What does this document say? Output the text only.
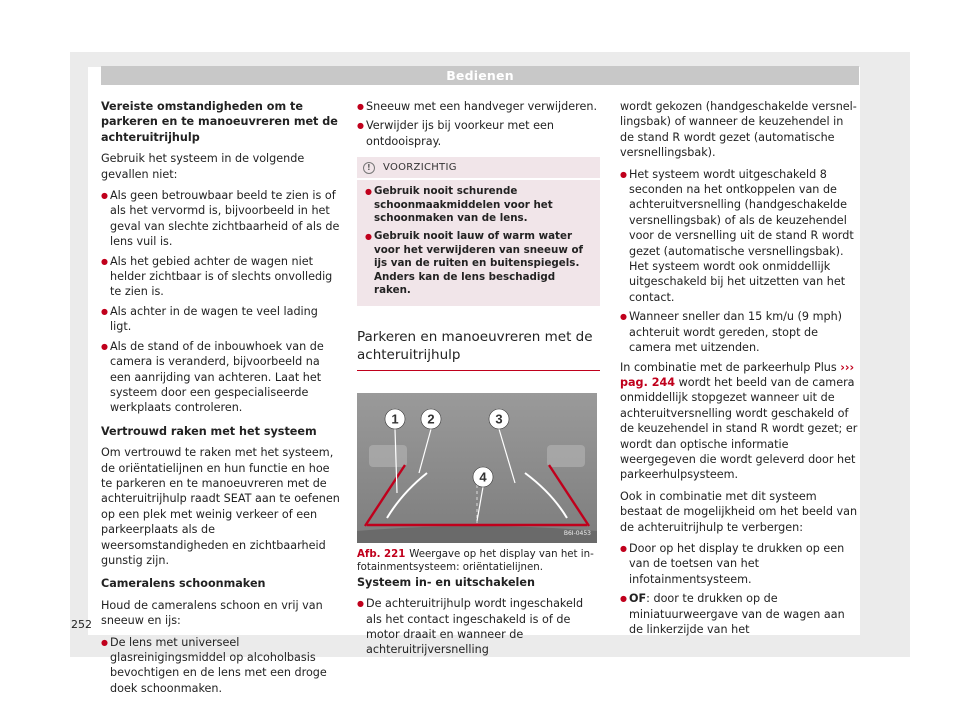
Bedienen

Vereiste omstandigheden om te parkeren en te manoeuvreren met de achteruitrijhulp

Gebruik het systeem in de volgende gevallen niet:

● Als geen betrouwbaar beeld te zien is of als het vervormd is, bijvoorbeeld in het geval van slechte zichtbaarheid of als de lens vuil is.
● Als het gebied achter de wagen niet helder zichtbaar is of slechts onvolledig te zien is.
● Als achter in de wagen te veel lading ligt.
● Als de stand of de inbouwhoek van de camera is veranderd, bijvoorbeeld na een aanrijding van achteren. Laat het systeem door een gespecialiseerde werkplaats controleren.

Vertrouwd raken met het systeem

Om vertrouwd te raken met het systeem, de oriëntatielijnen en hun functie en hoe te parkeren en te manoeuvreren met de achteruitrijhulp raadt SEAT aan te oefenen op een plek met weinig verkeer of een parkeerplaats als de weersomstandigheden en zichtbaarheid gunstig zijn.

Cameralens schoonmaken

Houd de cameralens schoon en vrij van sneeuw en ijs:

● De lens met universeel glasreinigingsmiddel op alcoholbasis bevochtigen en de lens met een droge doek schoonmaken.
● Sneeuw met een handveger verwijderen.
● Verwijder ijs bij voorkeur met een ontdooispray.
!	VOORZICHTIG
● Gebruik nooit schurende schoonmaakmiddelen voor het schoonmaken van de lens.
● Gebruik nooit lauw of warm water voor het verwijderen van sneeuw of ijs van de ruiten en buitenspiegels. Anders kan de lens beschadigd raken.
Parkeren en manoeuvreren met de achteruitrijhulp
1 2	3
4
B6I-0453
Afb. 221 Weergave op het display van het infotainmentsysteem: oriëntatielijnen.

Systeem in- en uitschakelen

● De achteruitrijhulp wordt ingeschakeld als het contact ingeschakeld is of de motor draait en wanneer de achteruitrijversnelling

wordt gekozen (handgeschakelde versnellingsbak) of wanneer de keuzehendel in de stand R wordt gezet (automatische versnellingsbak).

● Het systeem wordt uitgeschakeld 8 seconden na het ontkoppelen van de achteruitversnelling (handgeschakelde versnellingsbak) of als de keuzehendel voor de versnelling uit de stand R wordt gezet (automatische versnellingsbak). Het systeem wordt ook onmiddellijk uitgeschakeld bij het uitzetten van het contact.
● Wanneer sneller dan 15 km/u (9 mph) achteruit wordt gereden, stopt de camera met uitzenden.

In combinatie met de parkeerhulp Plus ››› pag. 244 wordt het beeld van de camera onmiddellijk stopgezet wanneer uit de achteruitversnelling wordt geschakeld of de keuzehendel in stand R wordt gezet; er wordt dan optische informatie weergegeven die wordt geleverd door het parkeerhulpsysteem.

Ook in combinatie met dit systeem bestaat de mogelijkheid om het beeld van de achteruitrijhulp te verbergen:

● Door op het display te drukken op een van de toetsen van het infotainmentsysteem.
● OF: door te drukken op de miniatuurweergave van de wagen aan de linkerzijde van het
252
